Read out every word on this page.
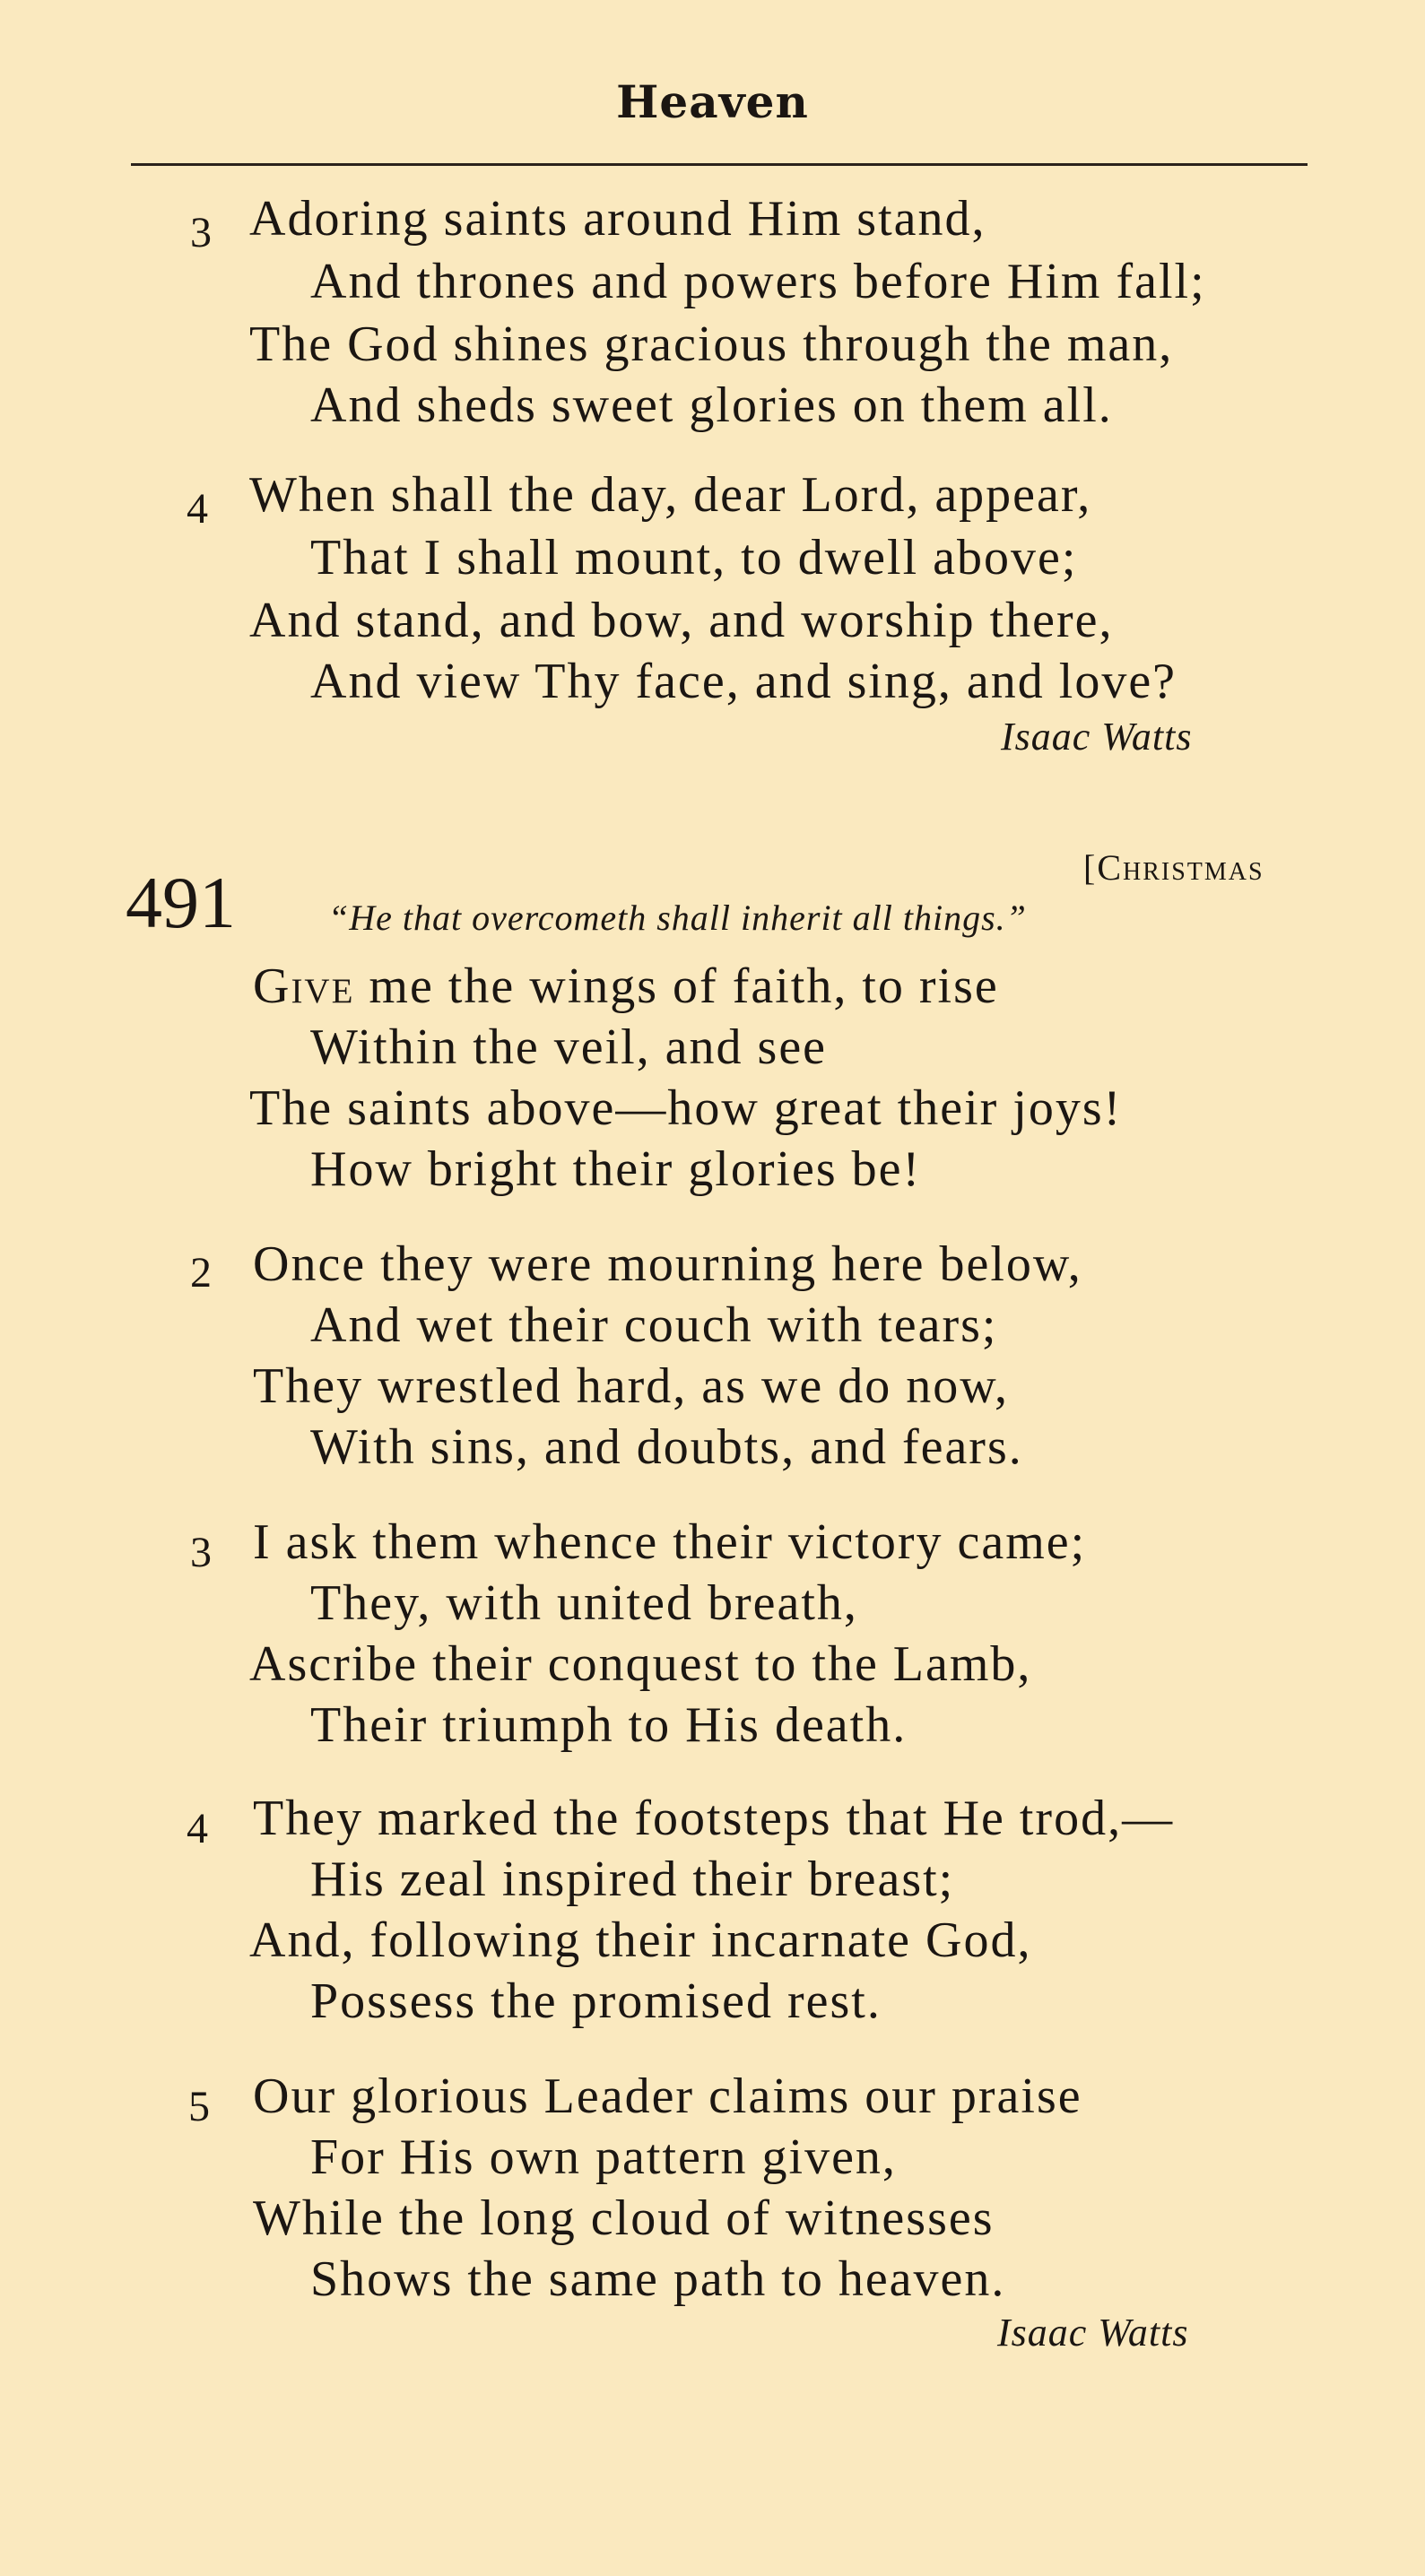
Heaven
3 Adoring saints around Him stand,
And thrones and powers before Him fall;
The God shines gracious through the man,
And sheds sweet glories on them all.
4 When shall the day, dear Lord, appear,
That I shall mount, to dwell above;
And stand, and bow, and worship there,
And view Thy face, and sing, and love?
Isaac Watts
[Christmas
491	“He that overcometh shall inherit all things.”
Give me the wings of faith, to rise
Within the veil, and see
The saints above—how great their joys!
How bright their glories be!
2 Once they were mourning here below,
And wet their couch with tears;
They wrestled hard, as we do now,
With sins, and doubts, and fears.
3 I ask them whence their victory came;
They, with united breath,
Ascribe their conquest to the Lamb,
Their triumph to His death.
4 They marked the footsteps that He trod,—
His zeal inspired their breast;
And, following their incarnate God,
Possess the promised rest.
5 Our glorious Leader claims our praise
For His own pattern given,
While the long cloud of witnesses
Shows the same path to heaven.
Isaac Watts
